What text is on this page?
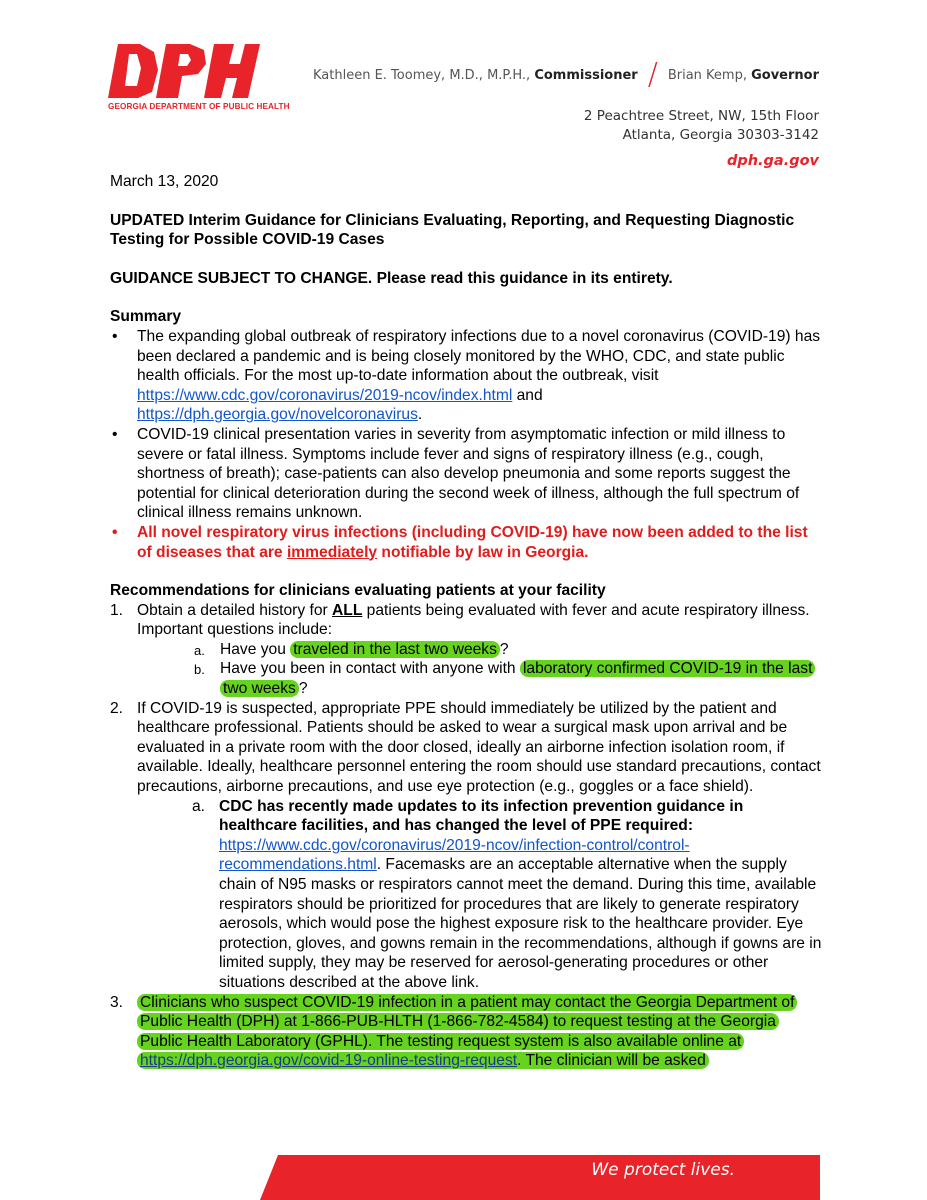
GEORGIA DEPARTMENT OF PUBLIC HEALTH
Kathleen E. Toomey, M.D., M.P.H., Commissioner / Brian Kemp, Governor
2 Peachtree Street, NW, 15th Floor
Atlanta, Georgia 30303-3142
dph.ga.gov
March 13, 2020
UPDATED Interim Guidance for Clinicians Evaluating, Reporting, and Requesting Diagnostic Testing for Possible COVID-19 Cases
GUIDANCE SUBJECT TO CHANGE. Please read this guidance in its entirety.
Summary
• The expanding global outbreak of respiratory infections due to a novel coronavirus (COVID-19) has been declared a pandemic and is being closely monitored by the WHO, CDC, and state public health officials. For the most up-to-date information about the outbreak, visit https://www.cdc.gov/coronavirus/2019-ncov/index.html and https://dph.georgia.gov/novelcoronavirus.
• COVID-19 clinical presentation varies in severity from asymptomatic infection or mild illness to severe or fatal illness. Symptoms include fever and signs of respiratory illness (e.g., cough, shortness of breath); case-patients can also develop pneumonia and some reports suggest the potential for clinical deterioration during the second week of illness, although the full spectrum of clinical illness remains unknown.
• All novel respiratory virus infections (including COVID-19) have now been added to the list of diseases that are immediately notifiable by law in Georgia.
Recommendations for clinicians evaluating patients at your facility
1. Obtain a detailed history for ALL patients being evaluated with fever and acute respiratory illness. Important questions include:
a. Have you traveled in the last two weeks ?
b. Have you been in contact with anyone with laboratory confirmed COVID-19 in the last two weeks ?
2. If COVID-19 is suspected, appropriate PPE should immediately be utilized by the patient and healthcare professional. Patients should be asked to wear a surgical mask upon arrival and be evaluated in a private room with the door closed, ideally an airborne infection isolation room, if available. Ideally, healthcare personnel entering the room should use standard precautions, contact precautions, airborne precautions, and use eye protection (e.g., goggles or a face shield).
a. CDC has recently made updates to its infection prevention guidance in healthcare facilities, and has changed the level of PPE required: https://www.cdc.gov/coronavirus/2019-ncov/infection-control/control-recommendations.html. Facemasks are an acceptable alternative when the supply chain of N95 masks or respirators cannot meet the demand. During this time, available respirators should be prioritized for procedures that are likely to generate respiratory aerosols, which would pose the highest exposure risk to the healthcare provider. Eye protection, gloves, and gowns remain in the recommendations, although if gowns are in limited supply, they may be reserved for aerosol-generating procedures or other situations described at the above link.
3. Clinicians who suspect COVID-19 infection in a patient may contact the Georgia Department of Public Health (DPH) at 1-866-PUB-HLTH (1-866-782-4584) to request testing at the Georgia Public Health Laboratory (GPHL). The testing request system is also available online at https://dph.georgia.gov/covid-19-online-testing-request. The clinician will be asked
We protect lives.
